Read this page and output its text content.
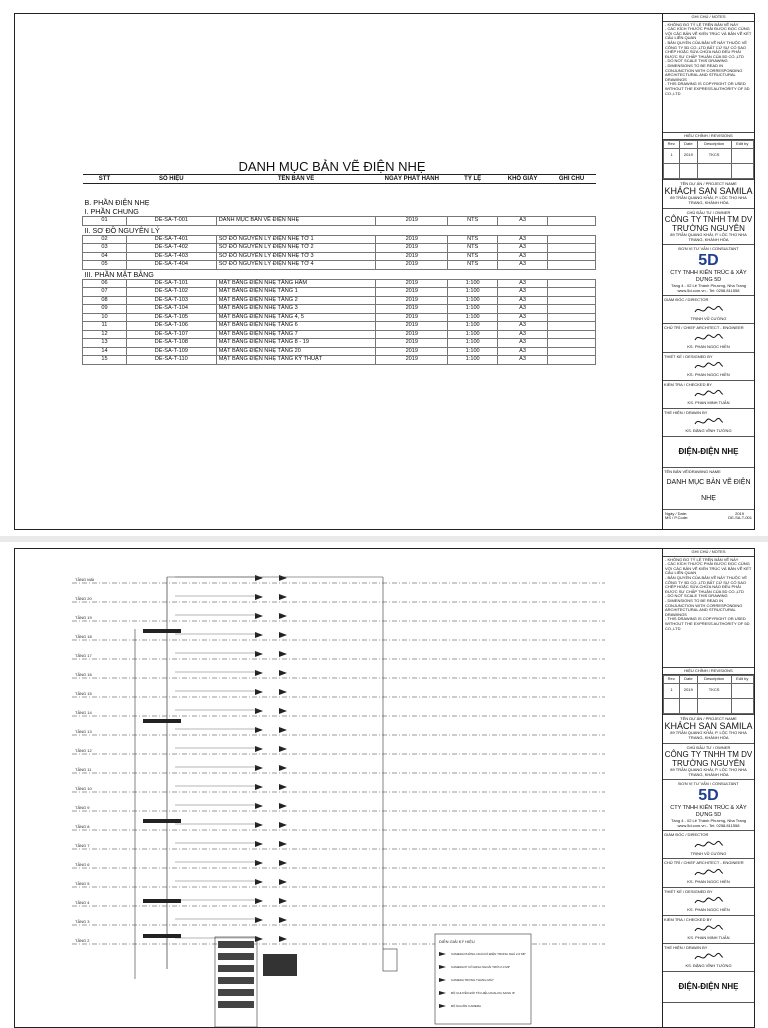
DANH MỤC BẢN VẼ ĐIỆN NHẸ
STT	SỐ HIỆU	TÊN BẢN VẼ	NGÀY PHÁT HÀNH	TỶ LỆ	KHỔ GIẤY	GHI CHÚ

B. PHẦN ĐIỆN NHẸ						
I. PHẦN CHUNG						
01	DE-SA-T-001	DANH MỤC BẢN VẼ ĐIỆN NHẸ	2019	NTS	A3	
II. SƠ ĐỒ NGUYÊN LÝ						
02	DE-SA-T-401	SƠ ĐỒ NGUYÊN LÝ ĐIỆN NHẸ TỜ 1	2019	NTS	A3	
03	DE-SA-T-402	SƠ ĐỒ NGUYÊN LÝ ĐIỆN NHẸ TỜ 2	2019	NTS	A3	
04	DE-SA-T-403	SƠ ĐỒ NGUYÊN LÝ ĐIỆN NHẸ TỜ 3	2019	NTS	A3	
05	DE-SA-T-404	SƠ ĐỒ NGUYÊN LÝ ĐIỆN NHẸ TỜ 4	2019	NTS	A3	
III. PHẦN MẶT BẰNG						
06	DE-SA-T-101	MẶT BẰNG ĐIỆN NHẸ TẦNG HẦM	2019	1:100	A3	
07	DE-SA-T-102	MẶT BẰNG ĐIỆN NHẸ TẦNG 1	2019	1:100	A3	
08	DE-SA-T-103	MẶT BẰNG ĐIỆN NHẸ TẦNG 2	2019	1:100	A3	
09	DE-SA-T-104	MẶT BẰNG ĐIỆN NHẸ TẦNG 3	2019	1:100	A3	
10	DE-SA-T-105	MẶT BẰNG ĐIỆN NHẸ TẦNG 4, 5	2019	1:100	A3	
11	DE-SA-T-106	MẶT BẰNG ĐIỆN NHẸ TẦNG 6	2019	1:100	A3	
12	DE-SA-T-107	MẶT BẰNG ĐIỆN NHẸ TẦNG 7	2019	1:100	A3	
13	DE-SA-T-108	MẶT BẰNG ĐIỆN NHẸ TẦNG 8 - 19	2019	1:100	A3	
14	DE-SA-T-109	MẶT BẰNG ĐIỆN NHẸ TẦNG 20	2019	1:100	A3	
15	DE-SA-T-110	MẶT BẰNG ĐIỆN NHẸ TẦNG KỸ THUẬT	2019	1:100	A3	
GHI CHÚ / NOTES
- KHÔNG ĐO TỶ LỆ TRÊN BẢN VẼ NÀY
- CÁC KÍCH THƯỚC PHẢI ĐƯỢC ĐỌC CÙNG VỚI CÁC BẢN VẼ KIẾN TRÚC VÀ BẢN VẼ KẾT CẤU LIÊN QUAN
- BẢN QUYỀN CỦA BẢN VẼ NÀY THUỘC VỀ CÔNG TY 5D CO.,LTD BẤT CỨ SỰ CÓ SAO CHÉP HOẶC SỬA CHỮA NÀO ĐỀU PHẢI ĐƯỢC SỰ CHẤP THUẬN CỦA 5D CO.,LTD
- DO NOT SCALE THIS DRAWING
- DIMENSIONS TO BE READ IN CONJUNCTION WITH CORRESPONDING ARCHITECTURAL AND STRUCTURAL DRAWINGS
- THIS DRAWING IS COPYRIGHT OR USED WITHOUT THE EXPRESS AUTHORITY OF 5D CO.,LTD
HIỆU CHỈNH / REVISIONS
Rev.	Date	Description	Edit by
1	2019	TKCS	

TÊN DỰ ÁN / PROJECT NAME
KHÁCH SẠN SAMILA
89 TRẦN QUANG KHẢI, P. LỘC THỌ NHA TRANG, KHÁNH HÒA
CHỦ ĐẦU TƯ / OWNER
CÔNG TY TNHH TM DV TRƯỜNG NGUYÊN
89 TRẦN QUANG KHẢI, P. LỘC THỌ NHA TRANG, KHÁNH HÒA
ĐƠN VỊ TƯ VẤN / CONSULTANT
5D
CTY TNHH KIẾN TRÚC & XÂY DỰNG 5D
Tầng 4 - 02 Lê Thánh Phương, Nha Trang www.5d.com.vn - Tel: 0258.811558
GIÁM ĐỐC / DIRECTOR
TRỊNH VŨ CƯỜNG
CHỦ TRÌ / CHIEF ARCHITECT - ENGINEER
KS. PHAN NGỌC HIỀN
THIẾT KẾ / DESIGNED BY
KS. PHAN NGỌC HIỀN
KIỂM TRA / CHECKED BY
KS. PHAN MINH TUẤN
THỂ HIỆN / DRAWN BY
KS. ĐẶNG VĨNH TƯỜNG
ĐIỆN-ĐIỆN NHẸ
TÊN BẢN VẼ/DRAWING NAME
DANH MỤC BẢN VẼ ĐIỆN NHẸ
Ngày / Date:	2019
MS / P.Code:	DE-SA-T-001
TẦNG MÁI
TẦNG 20
TẦNG 19
TẦNG 18
TẦNG 17
TẦNG 16
TẦNG 15
TẦNG 14
TẦNG 13
TẦNG 12
TẦNG 11
TẦNG 10
TẦNG 9
TẦNG 8
TẦNG 7
TẦNG 6
TẦNG 5
TẦNG 4
TẦNG 3
TẦNG 2	DIỄN GIẢI KÝ HIỆU
CAMERA PHÒNG NGỦ/CỔ ĐIỆN TRONG NHÀ 2.0 MP
CAMERA IP CỐ ĐỊNH NGOÀI TRỜI 2.0 MP
CAMERA TRONG THANG MÁY
BỘ CHUYỂN ĐỔI TÍN HIỆU ANALOG SANG IP
BỘ NGUỒN CAMERA
GHI CHÚ / NOTES
- KHÔNG ĐO TỶ LỆ TRÊN BẢN VẼ NÀY
- CÁC KÍCH THƯỚC PHẢI ĐƯỢC ĐỌC CÙNG VỚI CÁC BẢN VẼ KIẾN TRÚC VÀ BẢN VẼ KẾT CẤU LIÊN QUAN
- BẢN QUYỀN CỦA BẢN VẼ NÀY THUỘC VỀ CÔNG TY 5D CO.,LTD BẤT CỨ SỰ CÓ SAO CHÉP HOẶC SỬA CHỮA NÀO ĐỀU PHẢI ĐƯỢC SỰ CHẤP THUẬN CỦA 5D CO.,LTD
- DO NOT SCALE THIS DRAWING
- DIMENSIONS TO BE READ IN CONJUNCTION WITH CORRESPONDING ARCHITECTURAL AND STRUCTURAL DRAWINGS
- THIS DRAWING IS COPYRIGHT OR USED WITHOUT THE EXPRESS AUTHORITY OF 5D CO.,LTD
HIỆU CHỈNH / REVISIONS
Rev.	Date	Description	Edit by
1	2019	TKCS	

TÊN DỰ ÁN / PROJECT NAME
KHÁCH SẠN SAMILA
89 TRẦN QUANG KHẢI, P. LỘC THỌ NHA TRANG, KHÁNH HÒA
CHỦ ĐẦU TƯ / OWNER
CÔNG TY TNHH TM DV TRƯỜNG NGUYÊN
89 TRẦN QUANG KHẢI, P. LỘC THỌ NHA TRANG, KHÁNH HÒA
ĐƠN VỊ TƯ VẤN / CONSULTANT
5D
CTY TNHH KIẾN TRÚC & XÂY DỰNG 5D
Tầng 4 - 02 Lê Thánh Phương, Nha Trang www.5d.com.vn - Tel: 0258.811558
GIÁM ĐỐC / DIRECTOR
TRỊNH VŨ CƯỜNG
CHỦ TRÌ / CHIEF ARCHITECT - ENGINEER
KS. PHAN NGỌC HIỀN
THIẾT KẾ / DESIGNED BY
KS. PHAN NGỌC HIỀN
KIỂM TRA / CHECKED BY
KS. PHAN MINH TUẤN
THỂ HIỆN / DRAWN BY
KS. ĐẶNG VĨNH TƯỜNG
ĐIỆN-ĐIỆN NHẸ
